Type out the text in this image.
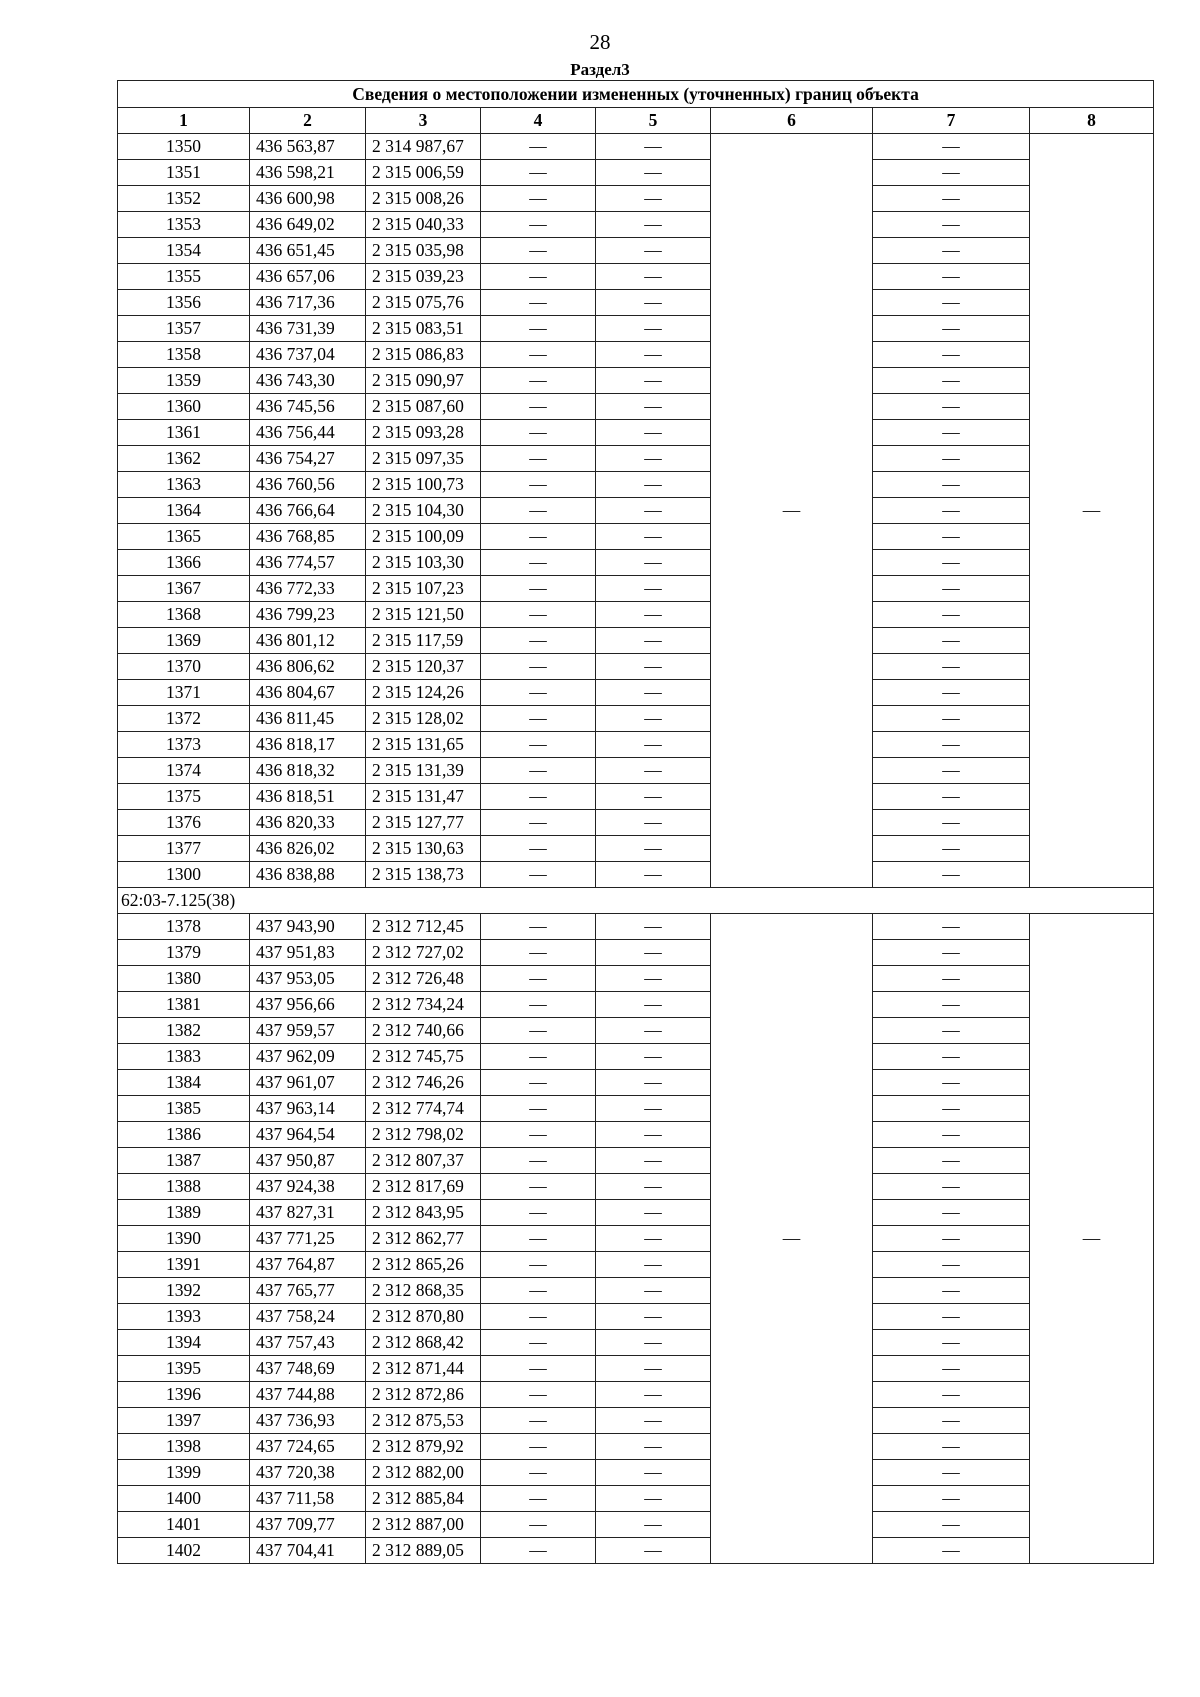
28
Раздел3
Сведения о местоположении измененных (уточненных) границ объекта							
1	2	3	4	5	6	7	8
1350	436 563,87	2 314 987,67	—	—	—	—	—
1351	436 598,21	2 315 006,59	—	—		—	
1352	436 600,98	2 315 008,26	—	—		—	
1353	436 649,02	2 315 040,33	—	—		—	
1354	436 651,45	2 315 035,98	—	—		—	
1355	436 657,06	2 315 039,23	—	—		—	
1356	436 717,36	2 315 075,76	—	—		—	
1357	436 731,39	2 315 083,51	—	—		—	
1358	436 737,04	2 315 086,83	—	—		—	
1359	436 743,30	2 315 090,97	—	—		—	
1360	436 745,56	2 315 087,60	—	—		—	
1361	436 756,44	2 315 093,28	—	—		—	
1362	436 754,27	2 315 097,35	—	—		—	
1363	436 760,56	2 315 100,73	—	—		—	
1364	436 766,64	2 315 104,30	—	—		—	
1365	436 768,85	2 315 100,09	—	—		—	
1366	436 774,57	2 315 103,30	—	—		—	
1367	436 772,33	2 315 107,23	—	—		—	
1368	436 799,23	2 315 121,50	—	—		—	
1369	436 801,12	2 315 117,59	—	—		—	
1370	436 806,62	2 315 120,37	—	—		—	
1371	436 804,67	2 315 124,26	—	—		—	
1372	436 811,45	2 315 128,02	—	—		—	
1373	436 818,17	2 315 131,65	—	—		—	
1374	436 818,32	2 315 131,39	—	—		—	
1375	436 818,51	2 315 131,47	—	—		—	
1376	436 820,33	2 315 127,77	—	—		—	
1377	436 826,02	2 315 130,63	—	—		—	
1300	436 838,88	2 315 138,73	—	—		—	
62:03-7.125(38)							
1378	437 943,90	2 312 712,45	—	—	—	—	—
1379	437 951,83	2 312 727,02	—	—		—	
1380	437 953,05	2 312 726,48	—	—		—	
1381	437 956,66	2 312 734,24	—	—		—	
1382	437 959,57	2 312 740,66	—	—		—	
1383	437 962,09	2 312 745,75	—	—		—	
1384	437 961,07	2 312 746,26	—	—		—	
1385	437 963,14	2 312 774,74	—	—		—	
1386	437 964,54	2 312 798,02	—	—		—	
1387	437 950,87	2 312 807,37	—	—		—	
1388	437 924,38	2 312 817,69	—	—		—	
1389	437 827,31	2 312 843,95	—	—		—	
1390	437 771,25	2 312 862,77	—	—		—	
1391	437 764,87	2 312 865,26	—	—		—	
1392	437 765,77	2 312 868,35	—	—		—	
1393	437 758,24	2 312 870,80	—	—		—	
1394	437 757,43	2 312 868,42	—	—		—	
1395	437 748,69	2 312 871,44	—	—		—	
1396	437 744,88	2 312 872,86	—	—		—	
1397	437 736,93	2 312 875,53	—	—		—	
1398	437 724,65	2 312 879,92	—	—		—	
1399	437 720,38	2 312 882,00	—	—		—	
1400	437 711,58	2 312 885,84	—	—		—	
1401	437 709,77	2 312 887,00	—	—		—	
1402	437 704,41	2 312 889,05	—	—		—	
